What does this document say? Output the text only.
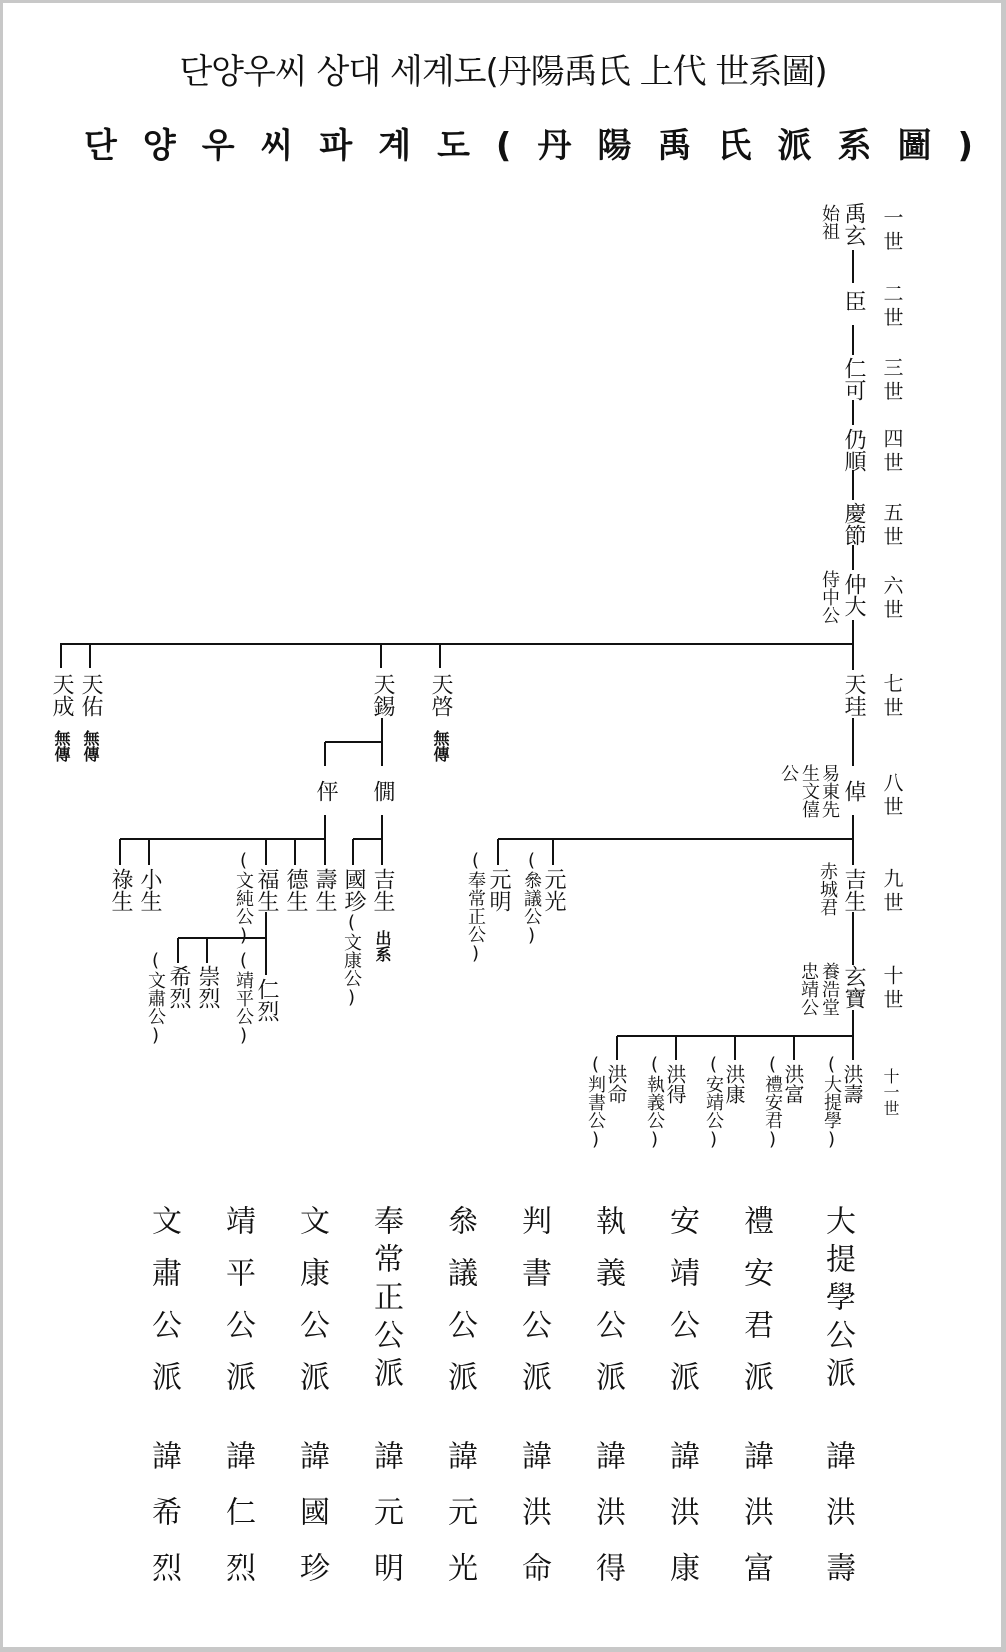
단양우씨 상대 세계도(丹陽禹氏 上代 世系圖)
단양우씨파계도(丹陽禹氏派系圖)
一世
二世
三世
四世
五世
六世
七世
八世
九世
十世
十一世
禹玄
始祖
臣
仁可
仍順
慶節
仲大
侍中公
天珪
倬
易東先
生文僖
公
吉生
赤城君
玄寶
養浩堂
忠靖公
天成
無傳
天佑
無傳
天錫 天啓
無傳
伻 僩
祿生 小生	福生
(文純公) 德生 壽生 國珍
(文康公)
吉生
出系
希烈
(文肅公) 崇烈 仁烈
(靖平公)
元明
(奉常正公)	元光
(叅議公)
洪命
(判書公)	洪得
(執義公)	洪康
(安靖公)	洪富
(禮安君)	洪壽
(大提學)
文肅公派 靖平公派 文康公派 奉常正公派 叅議公派 判書公派 執義公派 安靖公派 禮安君派 大提學公派
諱 諱 諱 諱 諱 諱 諱 諱 諱 諱
希烈 仁烈 國珍 元明 元光 洪命 洪得 洪康 洪富 洪壽
